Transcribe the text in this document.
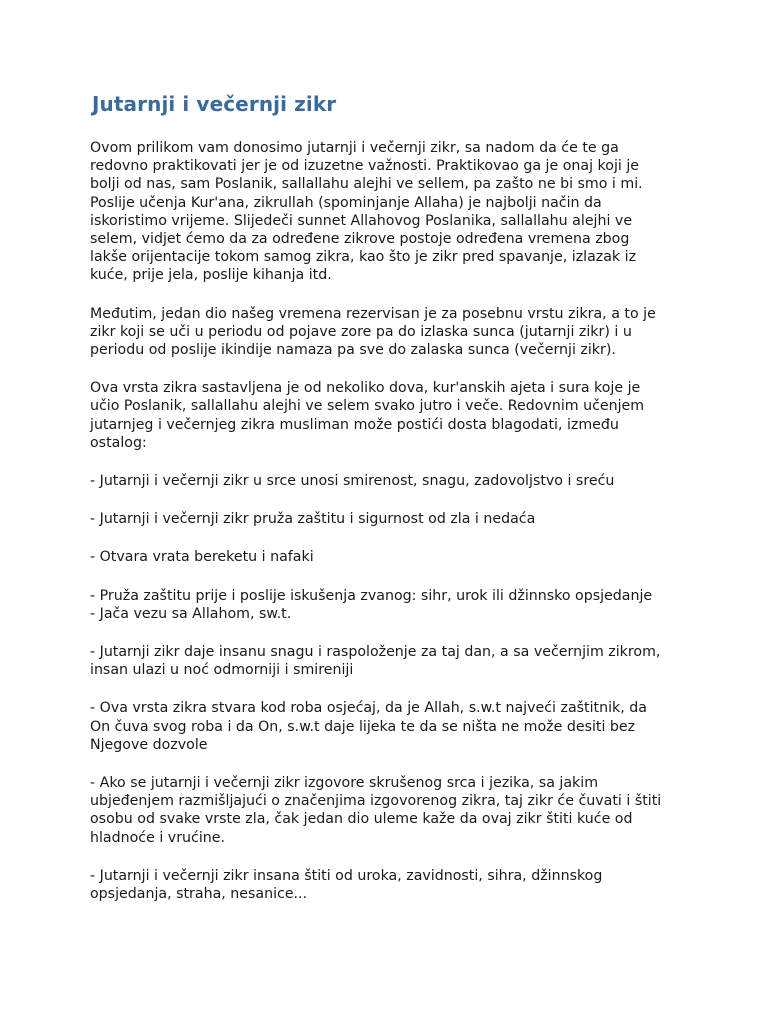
Jutarnji i večernji zikr

Ovom prilikom vam donosimo jutarnji i večernji zikr, sa nadom da će te ga
redovno praktikovati jer je od izuzetne važnosti. Praktikovao ga je onaj koji je
bolji od nas, sam Poslanik, sallallahu alejhi ve sellem, pa zašto ne bi smo i mi.
Poslije učenja Kur'ana, zikrullah (spominjanje Allaha) je najbolji način da
iskoristimo vrijeme. Slijedeči sunnet Allahovog Poslanika, sallallahu alejhi ve
selem, vidjet ćemo da za određene zikrove postoje određena vremena zbog
lakše orijentacije tokom samog zikra, kao što je zikr pred spavanje, izlazak iz
kuće, prije jela, poslije kihanja itd.

Međutim, jedan dio našeg vremena rezervisan je za posebnu vrstu zikra, a to je
zikr koji se uči u periodu od pojave zore pa do izlaska sunca (jutarnji zikr) i u
periodu od poslije ikindije namaza pa sve do zalaska sunca (večernji zikr).

Ova vrsta zikra sastavljena je od nekoliko dova, kur'anskih ajeta i sura koje je
učio Poslanik, sallallahu alejhi ve selem svako jutro i veče. Redovnim učenjem
jutarnjeg i večernjeg zikra musliman može postići dosta blagodati, između
ostalog:

- Jutarnji i večernji zikr u srce unosi smirenost, snagu, zadovoljstvo i sreću

- Jutarnji i večernji zikr pruža zaštitu i sigurnost od zla i nedaća

- Otvara vrata bereketu i nafaki

- Pruža zaštitu prije i poslije iskušenja zvanog: sihr, urok ili džinnsko opsjedanje
- Jača vezu sa Allahom, sw.t.

- Jutarnji zikr daje insanu snagu i raspoloženje za taj dan, a sa večernjim zikrom,
insan ulazi u noć odmorniji i smireniji

- Ova vrsta zikra stvara kod roba osjećaj, da je Allah, s.w.t najveći zaštitnik, da
On čuva svog roba i da On, s.w.t daje lijeka te da se ništa ne može desiti bez
Njegove dozvole

- Ako se jutarnji i večernji zikr izgovore skrušenog srca i jezika, sa jakim
ubjeđenjem razmišljajući o značenjima izgovorenog zikra, taj zikr će čuvati i štiti
osobu od svake vrste zla, čak jedan dio uleme kaže da ovaj zikr štiti kuće od
hladnoće i vrućine.

- Jutarnji i večernji zikr insana štiti od uroka, zavidnosti, sihra, džinnskog
opsjedanja, straha, nesanice...
